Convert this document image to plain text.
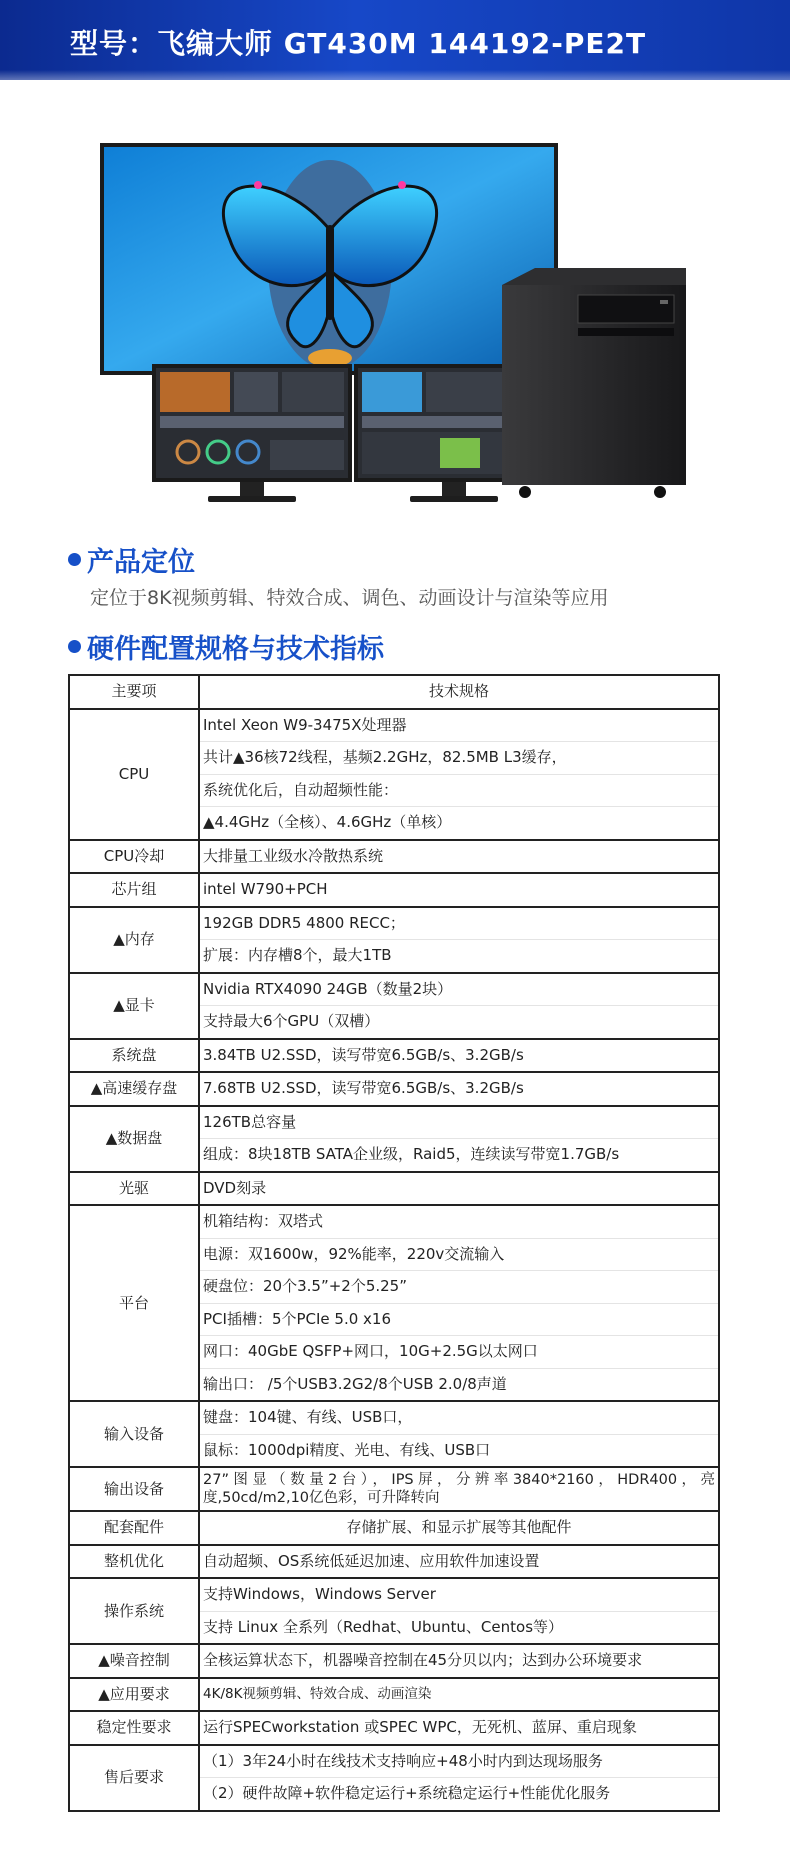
型号：飞编大师 GT430M 144192-PE2T
产品定位
定位于8K视频剪辑、特效合成、调色、动画设计与渲染等应用
硬件配置规格与技术指标
主要项	技术规格
CPU	Intel Xeon W9-3475X处理器
	共计▲36核72线程，基频2.2GHz，82.5MB L3缓存，
	系统优化后，自动超频性能：
	▲4.4GHz（全核）、4.6GHz（单核）
CPU冷却	大排量工业级水冷散热系统
芯片组	intel W790+PCH
▲内存	192GB DDR5 4800 RECC；
	扩展：内存槽8个，最大1TB
▲显卡	Nvidia RTX4090 24GB（数量2块）
	支持最大6个GPU（双槽）
系统盘	3.84TB U2.SSD，读写带宽6.5GB/s、3.2GB/s
▲高速缓存盘	7.68TB U2.SSD，读写带宽6.5GB/s、3.2GB/s
▲数据盘	126TB总容量
	组成：8块18TB SATA企业级，Raid5，连续读写带宽1.7GB/s
光驱	DVD刻录
平台	机箱结构：双塔式
	电源：双1600w，92%能率，220v交流输入
	硬盘位：20个3.5”+2个5.25”
	PCI插槽：5个PCIe 5.0 x16
	网口：40GbE QSFP+网口，10G+2.5G以太网口
	输出口： /5个USB3.2G2/8个USB 2.0/8声道
输入设备	键盘：104键、有线、USB口，
	鼠标：1000dpi精度、光电、有线、USB口
输出设备	27”图显（数量2台），IPS屏，分辨率3840*2160，HDR400，亮度,50cd/m2,10亿色彩，可升降转向
配套配件	存储扩展、和显示扩展等其他配件
整机优化	自动超频、OS系统低延迟加速、应用软件加速设置
操作系统	支持Windows，Windows Server
	支持 Linux 全系列（Redhat、Ubuntu、Centos等）
▲噪音控制	全核运算状态下，机器噪音控制在45分贝以内；达到办公环境要求
▲应用要求	4K/8K视频剪辑、特效合成、动画渲染
稳定性要求	运行SPECworkstation 或SPEC WPC，无死机、蓝屏、重启现象
售后要求	（1）3年24小时在线技术支持响应+48小时内到达现场服务
	（2）硬件故障+软件稳定运行+系统稳定运行+性能优化服务
